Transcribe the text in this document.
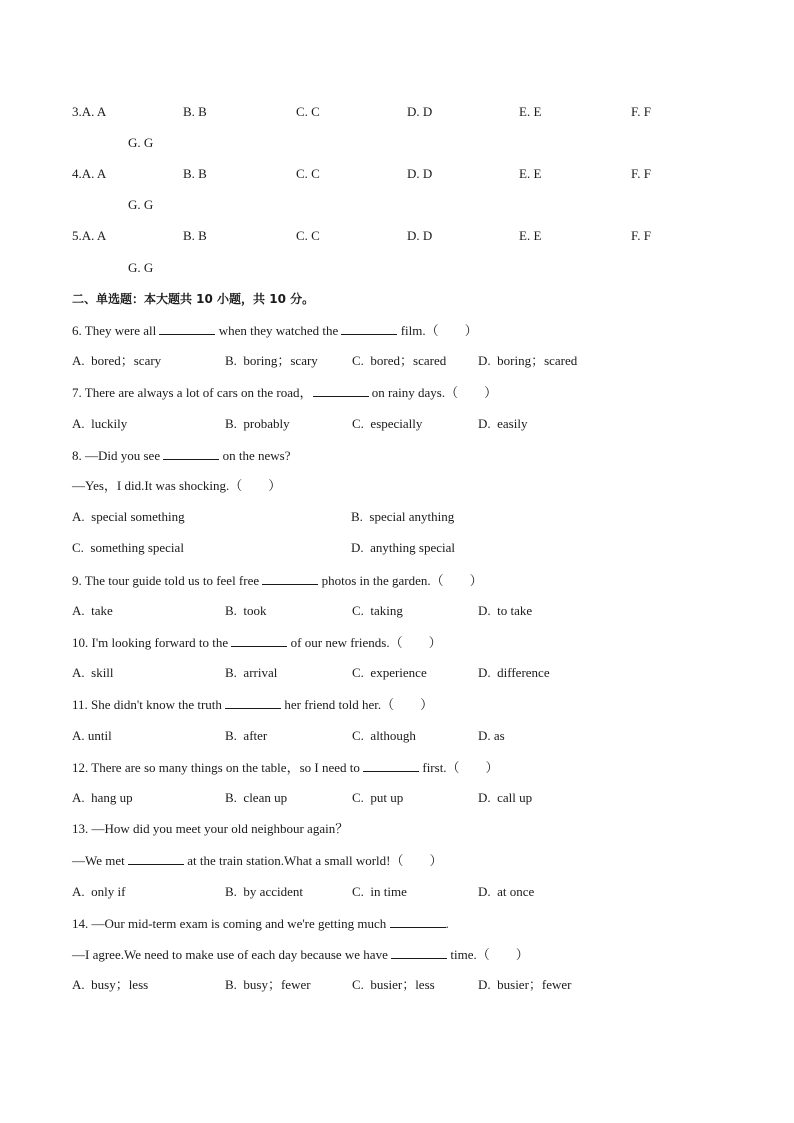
3.A. A	B. B	C. C	D. D	E. E	F. F
G. G
4.A. A	B. B	C. C	D. D	E. E	F. F
G. G
5.A. A	B. B	C. C	D. D	E. E	F. F
G. G
二、单选题：本大题共 10 小题，共 10 分。
6. They were all	when they watched the	film.（　　）
A.  bored；scary	B.  boring；scary	C.  bored；scared D.  boring；scared
7. There are always a lot of cars on the road，	on rainy days.（　　）
A.  luckily	B.  probably	C.  especially	D.  easily
8. —Did you see	on the news?
—Yes，I did.It was shocking.（　　）
A.  special something	B.  special anything
C.  something special	D.  anything special
9. The tour guide told us to feel free	photos in the garden.（　　）
A.  take	B.  took	C.  taking	D.  to take
10. I'm looking forward to the	of our new friends.（　　）
A.  skill	B.  arrival	C.  experience	D.  difference
11. She didn't know the truth	her friend told her.（　　）
A. until	B.  after	C.  although	D. as
12. There are so many things on the table，so I need to	first.（　　）
A.  hang up	B.  clean up	C.  put up	D.  call up
13. —How did you meet your old neighbour again？
—We met	at the train station.What a small world!（　　）
A.  only if	B.  by accident	C.  in time	D.  at once
14. —Our mid-term exam is coming and we're getting much	.
—I agree.We need to make use of each day because we have	time.（　　）
A.  busy；less	B.  busy；fewer	C.  busier；less	D.  busier；fewer
